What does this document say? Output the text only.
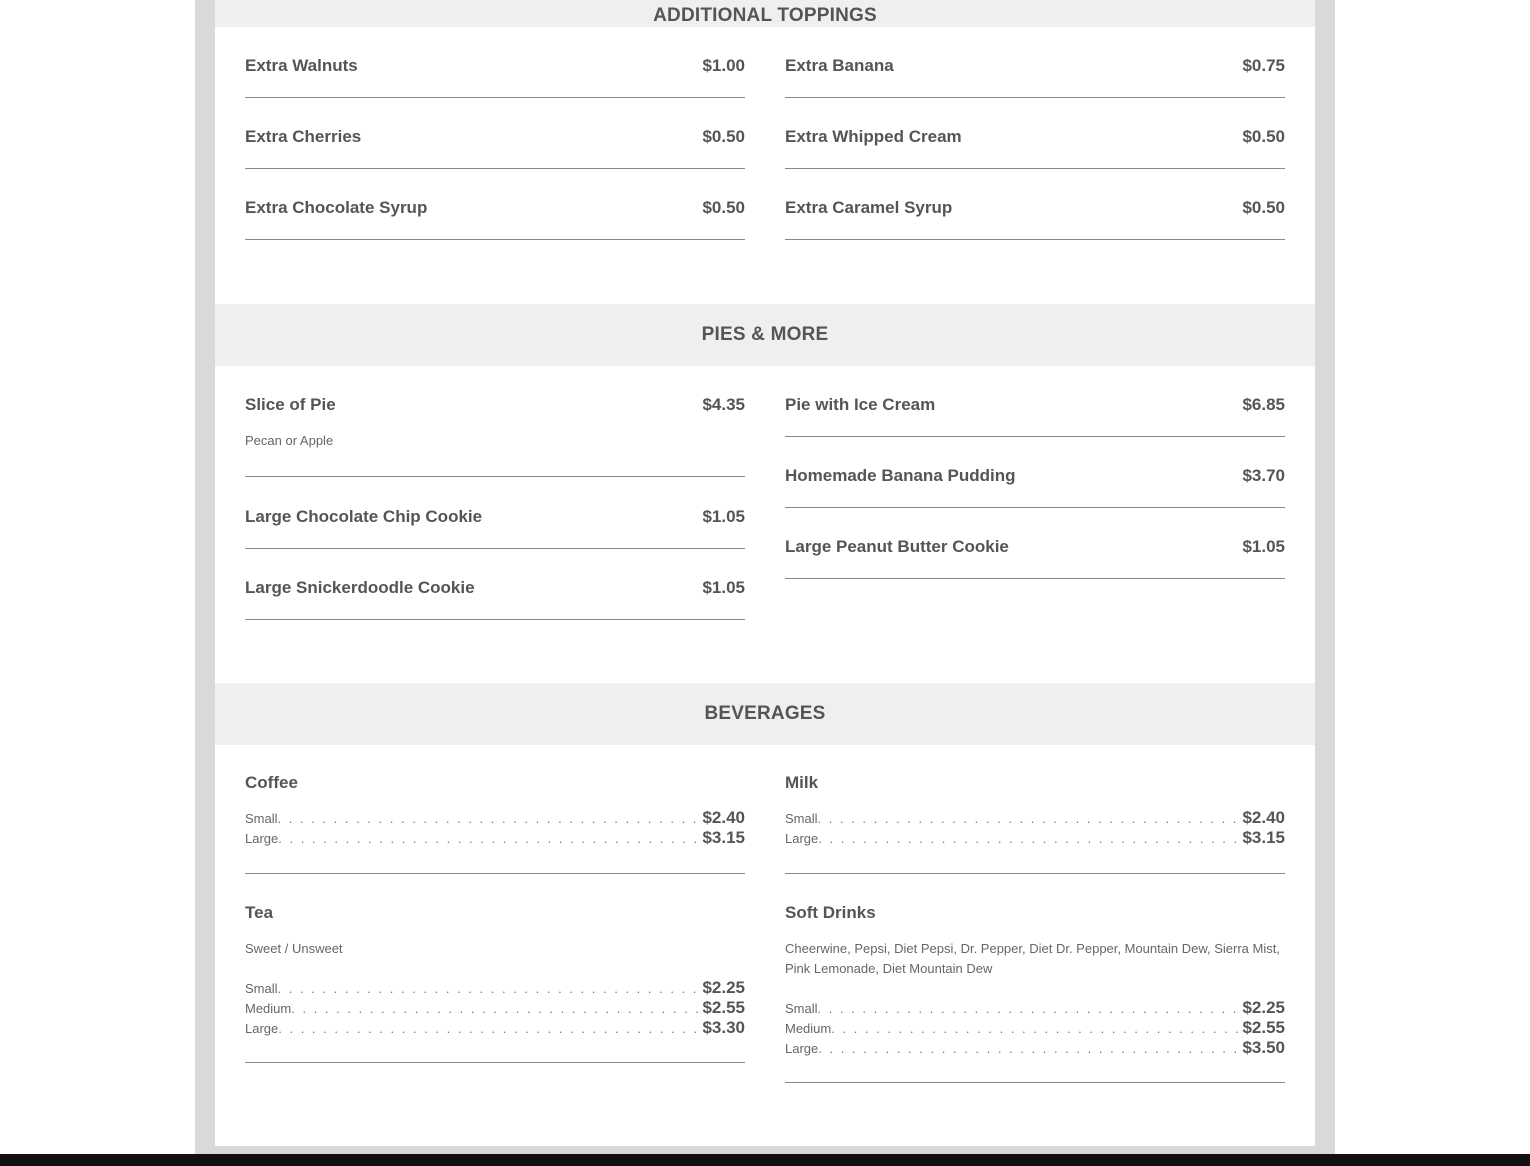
ADDITIONAL TOPPINGS
Extra Walnuts	$1.00
Extra Cherries	$0.50
Extra Chocolate Syrup	$0.50
Extra Banana	$0.75
Extra Whipped Cream	$0.50
Extra Caramel Syrup	$0.50
PIES & MORE
Slice of Pie	$4.35
Pecan or Apple
Large Chocolate Chip Cookie	$1.05
Large Snickerdoodle Cookie	$1.05
Pie with Ice Cream	$6.85
Homemade Banana Pudding	$3.70
Large Peanut Butter Cookie	$1.05
BEVERAGES
Coffee
Small . . .	$2.40
Large . . .	$3.15
Tea
Sweet / Unsweet
Small . . .	$2.25
Medium . . .	$2.55
Large . . .	$3.30
Milk
Small . . .	$2.40
Large . . .	$3.15
Soft Drinks
Cheerwine, Pepsi, Diet Pepsi, Dr. Pepper, Diet Dr. Pepper, Mountain Dew, Sierra Mist, Pink Lemonade, Diet Mountain Dew
Small . . .	$2.25
Medium . . .	$2.55
Large . . .	$3.50
